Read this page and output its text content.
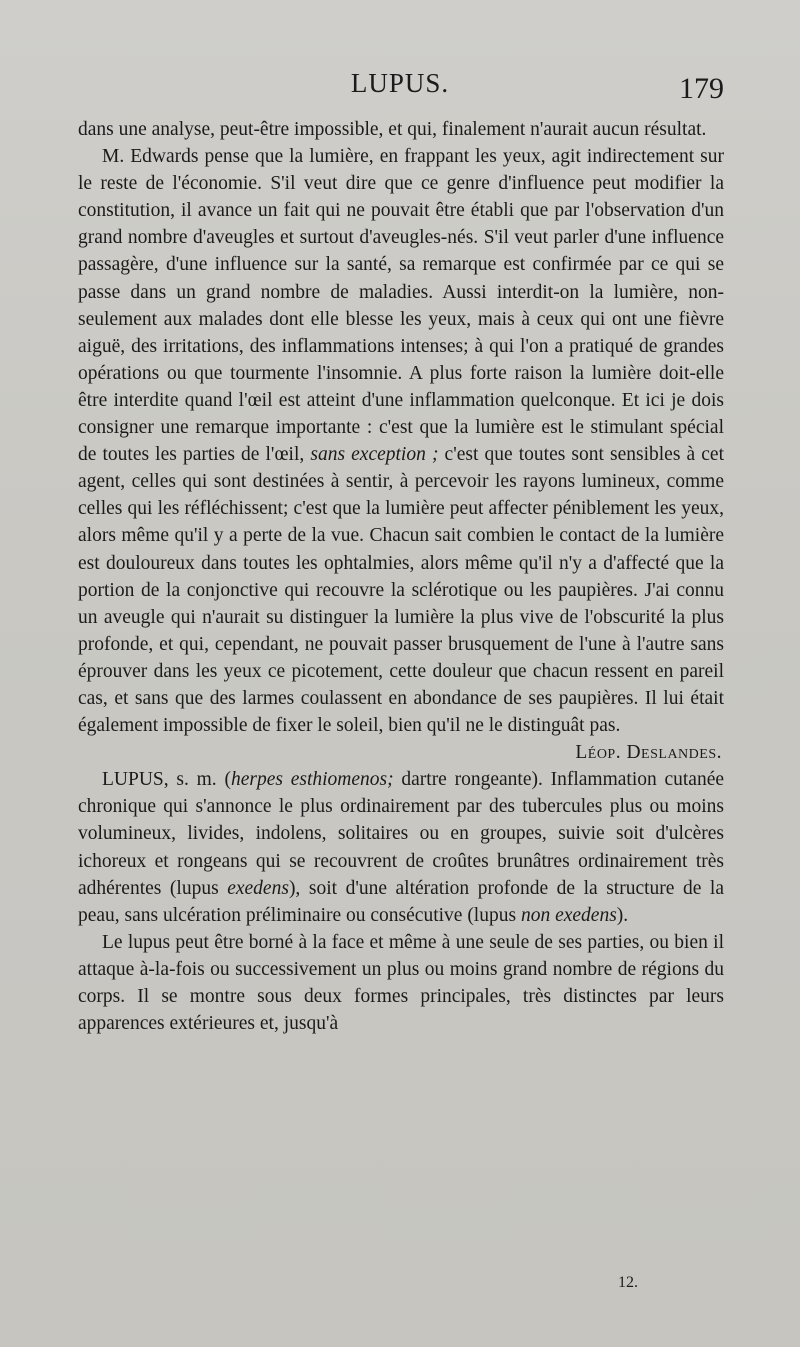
LUPUS.	179

dans une analyse, peut-être impossible, et qui, finalement n'aurait aucun résultat.

M. Edwards pense que la lumière, en frappant les yeux, agit indirectement sur le reste de l'économie. S'il veut dire que ce genre d'influence peut modifier la constitution, il avance un fait qui ne pouvait être établi que par l'observation d'un grand nombre d'aveugles et surtout d'aveugles-nés. S'il veut parler d'une influence passagère, d'une influence sur la santé, sa remarque est confirmée par ce qui se passe dans un grand nombre de maladies. Aussi interdit-on la lumière, non-seulement aux malades dont elle blesse les yeux, mais à ceux qui ont une fièvre aiguë, des irritations, des inflammations intenses; à qui l'on a pratiqué de grandes opérations ou que tourmente l'insomnie. A plus forte raison la lumière doit-elle être interdite quand l'œil est atteint d'une inflammation quelconque. Et ici je dois consigner une remarque importante : c'est que la lumière est le stimulant spécial de toutes les parties de l'œil, sans exception ; c'est que toutes sont sensibles à cet agent, celles qui sont destinées à sentir, à percevoir les rayons lumineux, comme celles qui les réfléchissent; c'est que la lumière peut affecter péniblement les yeux, alors même qu'il y a perte de la vue. Chacun sait combien le contact de la lumière est douloureux dans toutes les ophtalmies, alors même qu'il n'y a d'affecté que la portion de la conjonctive qui recouvre la sclérotique ou les paupières. J'ai connu un aveugle qui n'aurait su distinguer la lumière la plus vive de l'obscurité la plus profonde, et qui, cependant, ne pouvait passer brusquement de l'une à l'autre sans éprouver dans les yeux ce picotement, cette douleur que chacun ressent en pareil cas, et sans que des larmes coulassent en abondance de ses paupières. Il lui était également impossible de fixer le soleil, bien qu'il ne le distinguât pas.

Léop. Deslandes.

LUPUS, s. m. (herpes esthiomenos; dartre rongeante). Inflammation cutanée chronique qui s'annonce le plus ordinairement par des tubercules plus ou moins volumineux, livides, indolens, solitaires ou en groupes, suivie soit d'ulcères ichoreux et rongeans qui se recouvrent de croûtes brunâtres ordinairement très adhérentes (lupus exedens), soit d'une altération profonde de la structure de la peau, sans ulcération préliminaire ou consécutive (lupus non exedens).

Le lupus peut être borné à la face et même à une seule de ses parties, ou bien il attaque à-la-fois ou successivement un plus ou moins grand nombre de régions du corps. Il se montre sous deux formes principales, très distinctes par leurs apparences extérieures et, jusqu'à

12.
